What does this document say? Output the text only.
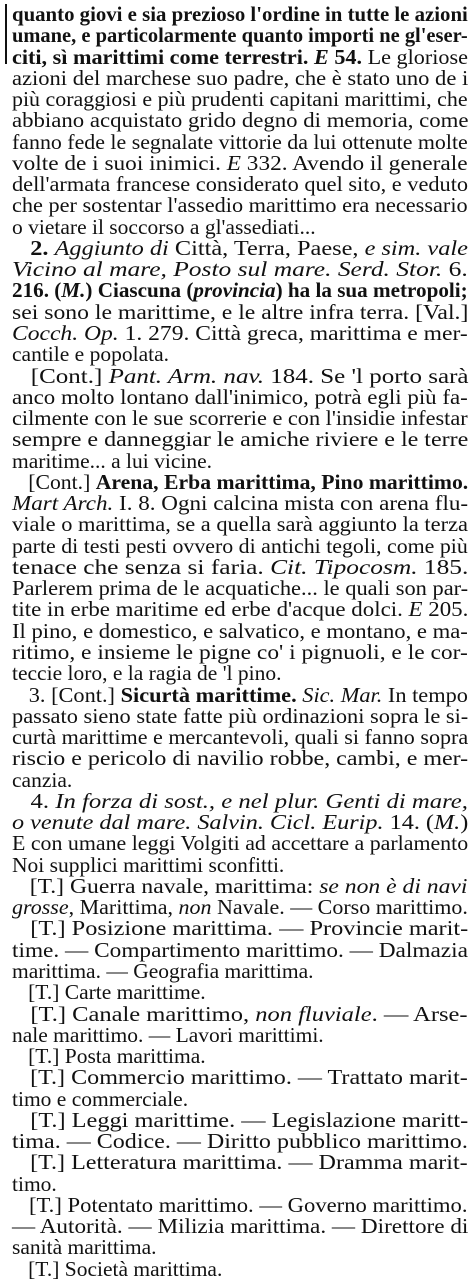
quanto giovi e sia prezioso l'ordine in tutte le azioni
umane, e particolarmente quanto importi ne gl'eser-
citi, sì marittimi come terrestri. E 54. Le gloriose
azioni del marchese suo padre, che è stato uno de i
più coraggiosi e più prudenti capitani marittimi, che
abbiano acquistato grido degno di memoria, come
fanno fede le segnalate vittorie da lui ottenute molte
volte de i suoi inimici. E 332. Avendo il generale
dell'armata francese considerato quel sito, e veduto
che per sostentar l'assedio marittimo era necessario
o vietare il soccorso a gl'assediati...
2. Aggiunto di Città, Terra, Paese, e sim. vale
Vicino al mare, Posto sul mare. Serd. Stor. 6.
216. (M.) Ciascuna (provincia) ha la sua metropoli;
sei sono le marittime, e le altre infra terra. [Val.]
Cocch. Op. 1. 279. Città greca, marittima e mer-
cantile e popolata.
[Cont.] Pant. Arm. nav. 184. Se 'l porto sarà
anco molto lontano dall'inimico, potrà egli più fa-
cilmente con le sue scorrerie e con l'insidie infestar
sempre e danneggiar le amiche riviere e le terre
maritime... a lui vicine.
[Cont.] Arena, Erba marittima, Pino marittimo.
Mart Arch. I. 8. Ogni calcina mista con arena flu-
viale o marittima, se a quella sarà aggiunto la terza
parte di testi pesti ovvero di antichi tegoli, come più
tenace che senza si faria. Cit. Tipocosm. 185.
Parlerem prima de le acquatiche... le quali son par-
tite in erbe maritime ed erbe d'acque dolci. E 205.
Il pino, e domestico, e salvatico, e montano, e ma-
ritimo, e insieme le pigne co' i pignuoli, e le cor-
teccie loro, e la ragia de 'l pino.
3. [Cont.] Sicurtà marittime. Sic. Mar. In tempo
passato sieno state fatte più ordinazioni sopra le si-
curtà marittime e mercantevoli, quali si fanno sopra
riscio e pericolo di navilio robbe, cambi, e mer-
canzia.
4. In forza di sost., e nel plur. Genti di mare,
o venute dal mare. Salvin. Cicl. Eurip. 14. (M.)
E con umane leggi Volgiti ad accettare a parlamento
Noi supplici marittimi sconfitti.
[T.] Guerra navale, marittima: se non è di navi
grosse, Marittima, non Navale. — Corso marittimo.
[T.] Posizione marittima. — Provincie marit-
time. — Compartimento marittimo. — Dalmazia
marittima. — Geografia marittima.
[T.] Carte marittime.
[T.] Canale marittimo, non fluviale. — Arse-
nale marittimo. — Lavori marittimi.
[T.] Posta marittima.
[T.] Commercio marittimo. — Trattato marit-
timo e commerciale.
[T.] Leggi marittime. — Legislazione maritt-
tima. — Codice. — Diritto pubblico marittimo.
[T.] Letteratura marittima. — Dramma marit-
timo.
[T.] Potentato marittimo. — Governo marittimo.
— Autorità. — Milizia marittima. — Direttore di
sanità marittima.
[T.] Società marittima.
